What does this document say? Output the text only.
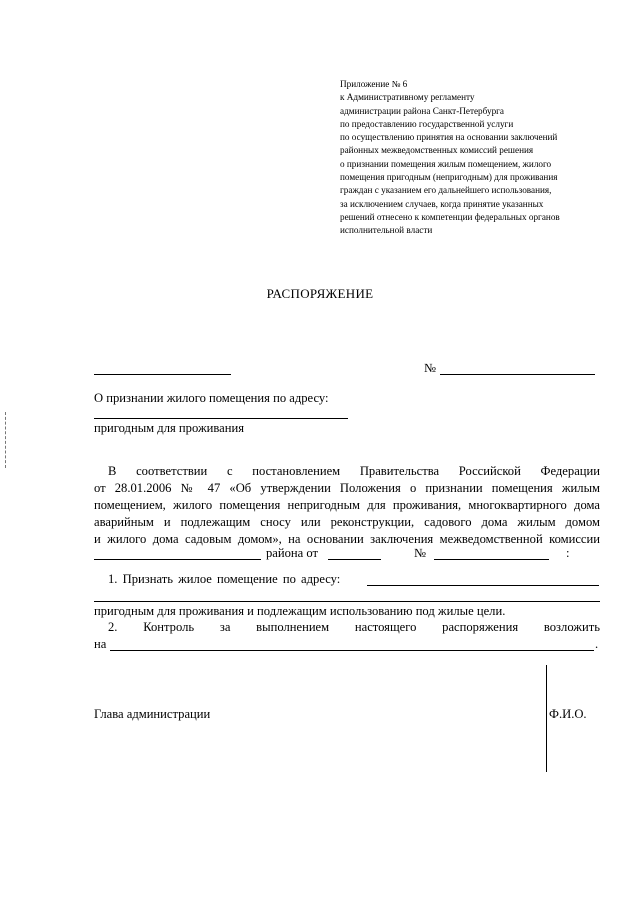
Приложение № 6
к Административному регламенту
администрации района Санкт-Петербурга
по предоставлению государственной услуги
по осуществлению принятия на основании заключений
районных межведомственных комиссий решения
о признании помещения жилым помещением, жилого
помещения пригодным (непригодным) для проживания
граждан с указанием его дальнейшего использования,
за исключением случаев, когда принятие указанных
решений отнесено к компетенции федеральных органов
исполнительной власти
РАСПОРЯЖЕНИЕ
№
О признании жилого помещения по адресу:
пригодным для проживания
В соответствии с постановлением Правительства Российской Федерации
от 28.01.2006 № 47 «Об утверждении Положения о признании помещения жилым
помещением, жилого помещения непригодным для проживания, многоквартирного дома
аварийным и подлежащим сносу или реконструкции, садового дома жилым домом
и жилого дома садовым домом», на основании заключения межведомственной комиссии
района от	№	:
1. Признать жилое помещение по адресу:
пригодным для проживания и подлежащим использованию под жилые цели.
2. Контроль за выполнением настоящего распоряжения возложить
на	.
Глава администрации	Ф.И.О.
